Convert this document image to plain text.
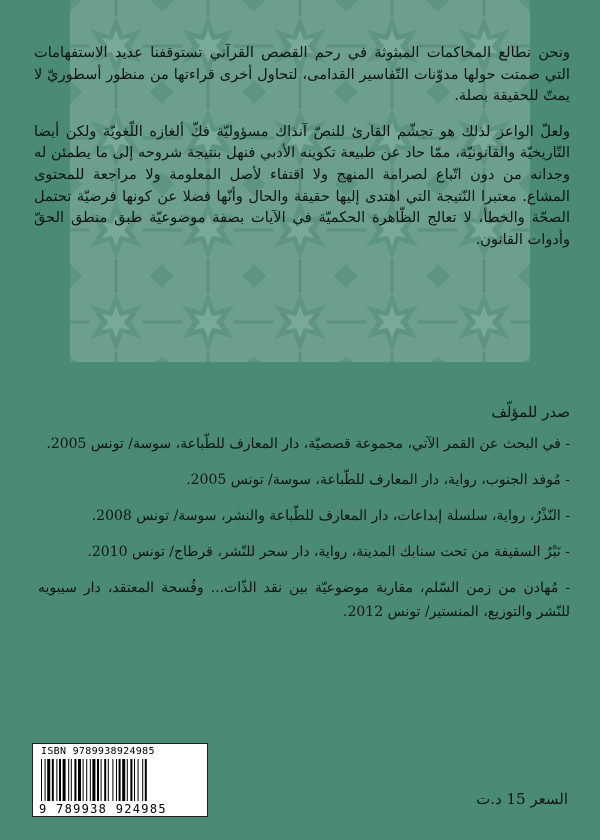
ونحن نطالع المحاكمات المبثوثة في رحم القصص القرآني تستوقفنا عديد الاستفهامات التي صمتت حولها مدوّنات التّفاسير القدامى، لتحاول أخرى قراءتها من منظور أسطوريّ لا يمتّ للحقيقة بصلة.

ولعلّ الواعز لذلك هو تجشّم القارئ للنصّ آنذاك مسؤوليّة فكّ ألغازه اللّغويّة ولكن أيضا التّاريخيّة والقانونيّة، ممّا حاد عن طبيعة تكوينه الأدبي فنهل بنتيجة شروحه إلى ما يطمئن له وجدانه من دون اتّباع لصرامة المنهج ولا اقتفاء لأصل المعلومة ولا مراجعة للمحتوى المشاع. معتبرا النّتيجة التي اهتدى إليها حقيقة والحال وأنّها فضلا عن كونها فرضيّة تحتمل الصحّة والخطأ، لا تعالج الظّاهرة الحكميّة في الآيات بصفة موضوعيّة طبق منطق الحقّ وأدوات القانون.

صدر للمؤلّف
- في البحث عن القمر الآتي، مجموعة قصصيّة، دار المعارف للطّباعة، سوسة/ تونس 2005.
- مُوفد الجنوب، رواية، دار المعارف للطّباعة، سوسة/ تونس 2005.
- النّذْرُ، رواية، سلسلة إبداعات، دار المعارف للطّباعة والنشر، سوسة/ تونس 2008.
- نَبْرٌ السقيفة من تحت سنابك المدينة، رواية، دار سحر للنّشر، قرطاج/ تونس 2010.
- مُهادن من زمن السّلم، مقاربة موضوعيّة بين نقد الذّات... وفُسحة المعتقد، دار سيبويه للنّشر والتوزيع، المنستير/ تونس 2012.
ISBN 9789938924985
9 789938 924985
السعر 15 د.ت
